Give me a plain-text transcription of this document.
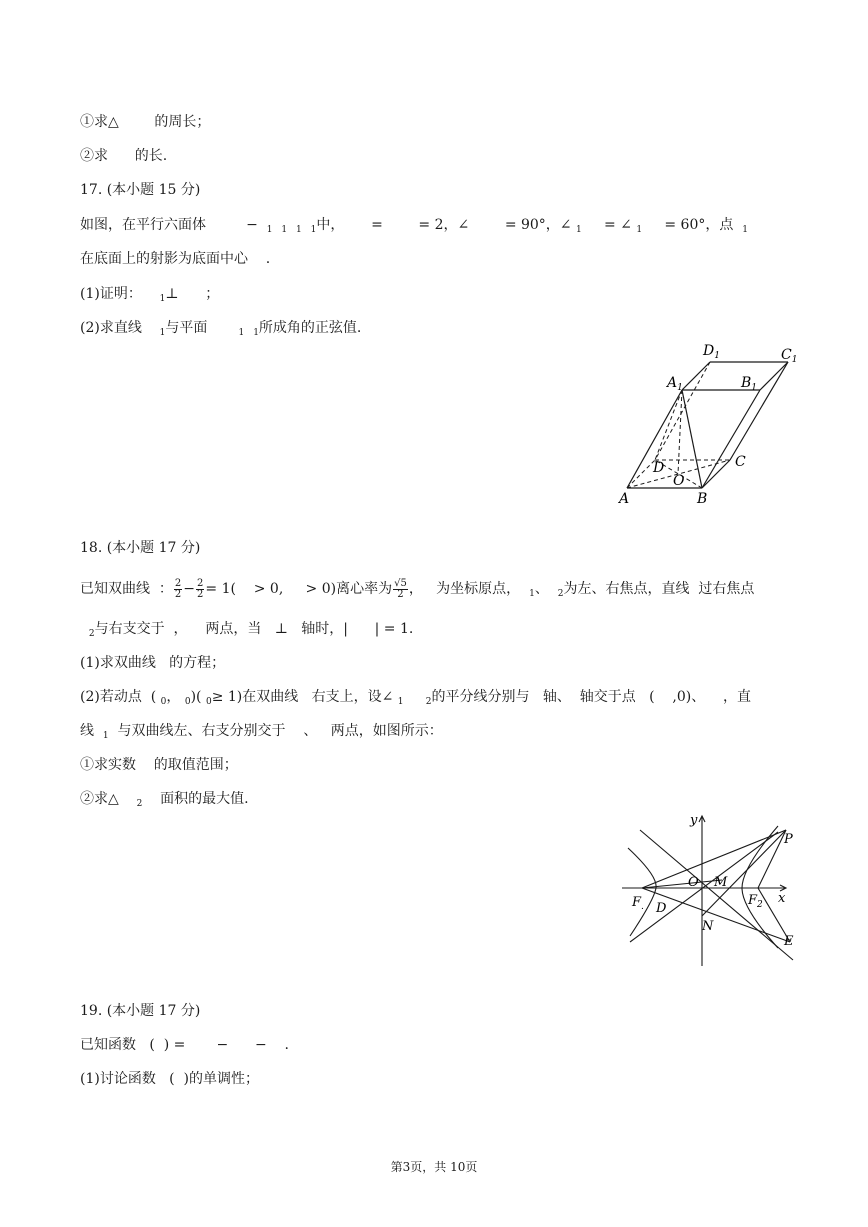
①求△        的周长；
②求      的长.
17. (本小题 15 分)
如图，在平行六面体	− $_1$ $_1$ $_1$ $_1$中， =        = 2，∠        = 90°，∠ $_1$ = ∠ $_1$ = 60°，点 $_1$
在底面上的射影为底面中心    .
(1)证明： $_1$⊥      ；
(2)求直线 $_1$与平面	$_1$ $_1$所成角的正弦值.
$D_1$	$C_1$
$A_1$	$B_1$
D	C
O
A	B
18. (本小题 17 分)
已知双曲线  ： $\frac{2}{2} - \frac{2}{2} = 1$(    > 0,     > 0)离心率为 $\frac{√5}{2}$ ，   为坐标原点， $_1$、 $_2$为左、右焦点，直线  过右焦点
$_2$与右支交于  ，    两点，当   ⊥   轴时，|      | = 1.
(1)求双曲线   的方程；
(2)若动点  ( $_0$， $_0$)( $_0$≥ 1)在双曲线   右支上，设∠ $_1$ $_2$的平分线分别与   轴、  轴交于点   (    ,0)、    ，直
线 $_1$ 与双曲线左、右支分别交于    、   两点，如图所示：
①求实数    的取值范围；
②求△ $_2$ 面积的最大值.
y
x
P
O M
$F_.$	$F_2$
D
N
E
19. (本小题 17 分)
已知函数   (  ) =       −      −    .
(1)讨论函数   (  )的单调性；
第3页，共 10页
